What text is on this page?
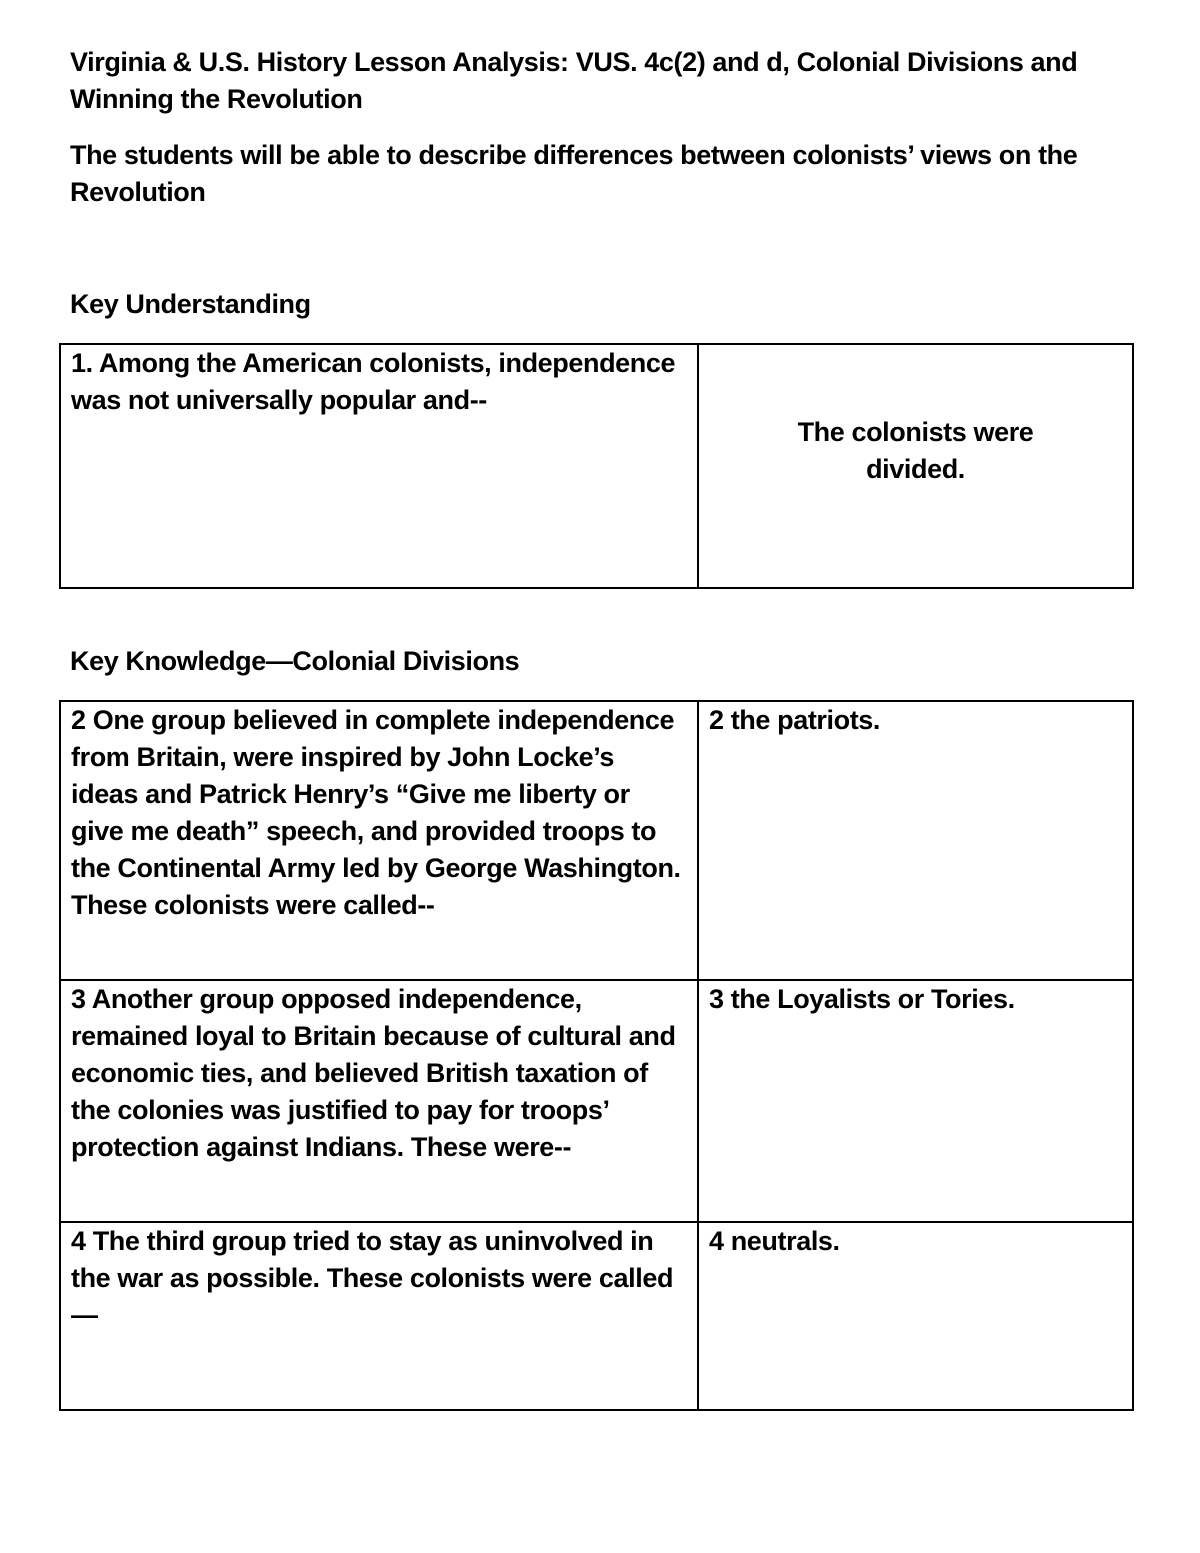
Virginia & U.S. History Lesson Analysis: VUS. 4c(2) and d, Colonial Divisions and Winning the Revolution
The students will be able to describe differences between colonists’ views on the Revolution
Key Understanding
1. Among the American colonists, independence was not universally popular and--	The colonists were divided.
Key Knowledge—Colonial Divisions
2 One group believed in complete independence from Britain, were inspired by John Locke’s ideas and Patrick Henry’s “Give me liberty or give me death” speech, and provided troops to the Continental Army led by George Washington. These colonists were called--	2 the patriots.
3 Another group opposed independence, remained loyal to Britain because of cultural and economic ties, and believed British taxation of the colonies was justified to pay for troops’ protection against Indians. These were--	3 the Loyalists or Tories.
4 The third group tried to stay as uninvolved in the war as possible. These colonists were called—	4 neutrals.
